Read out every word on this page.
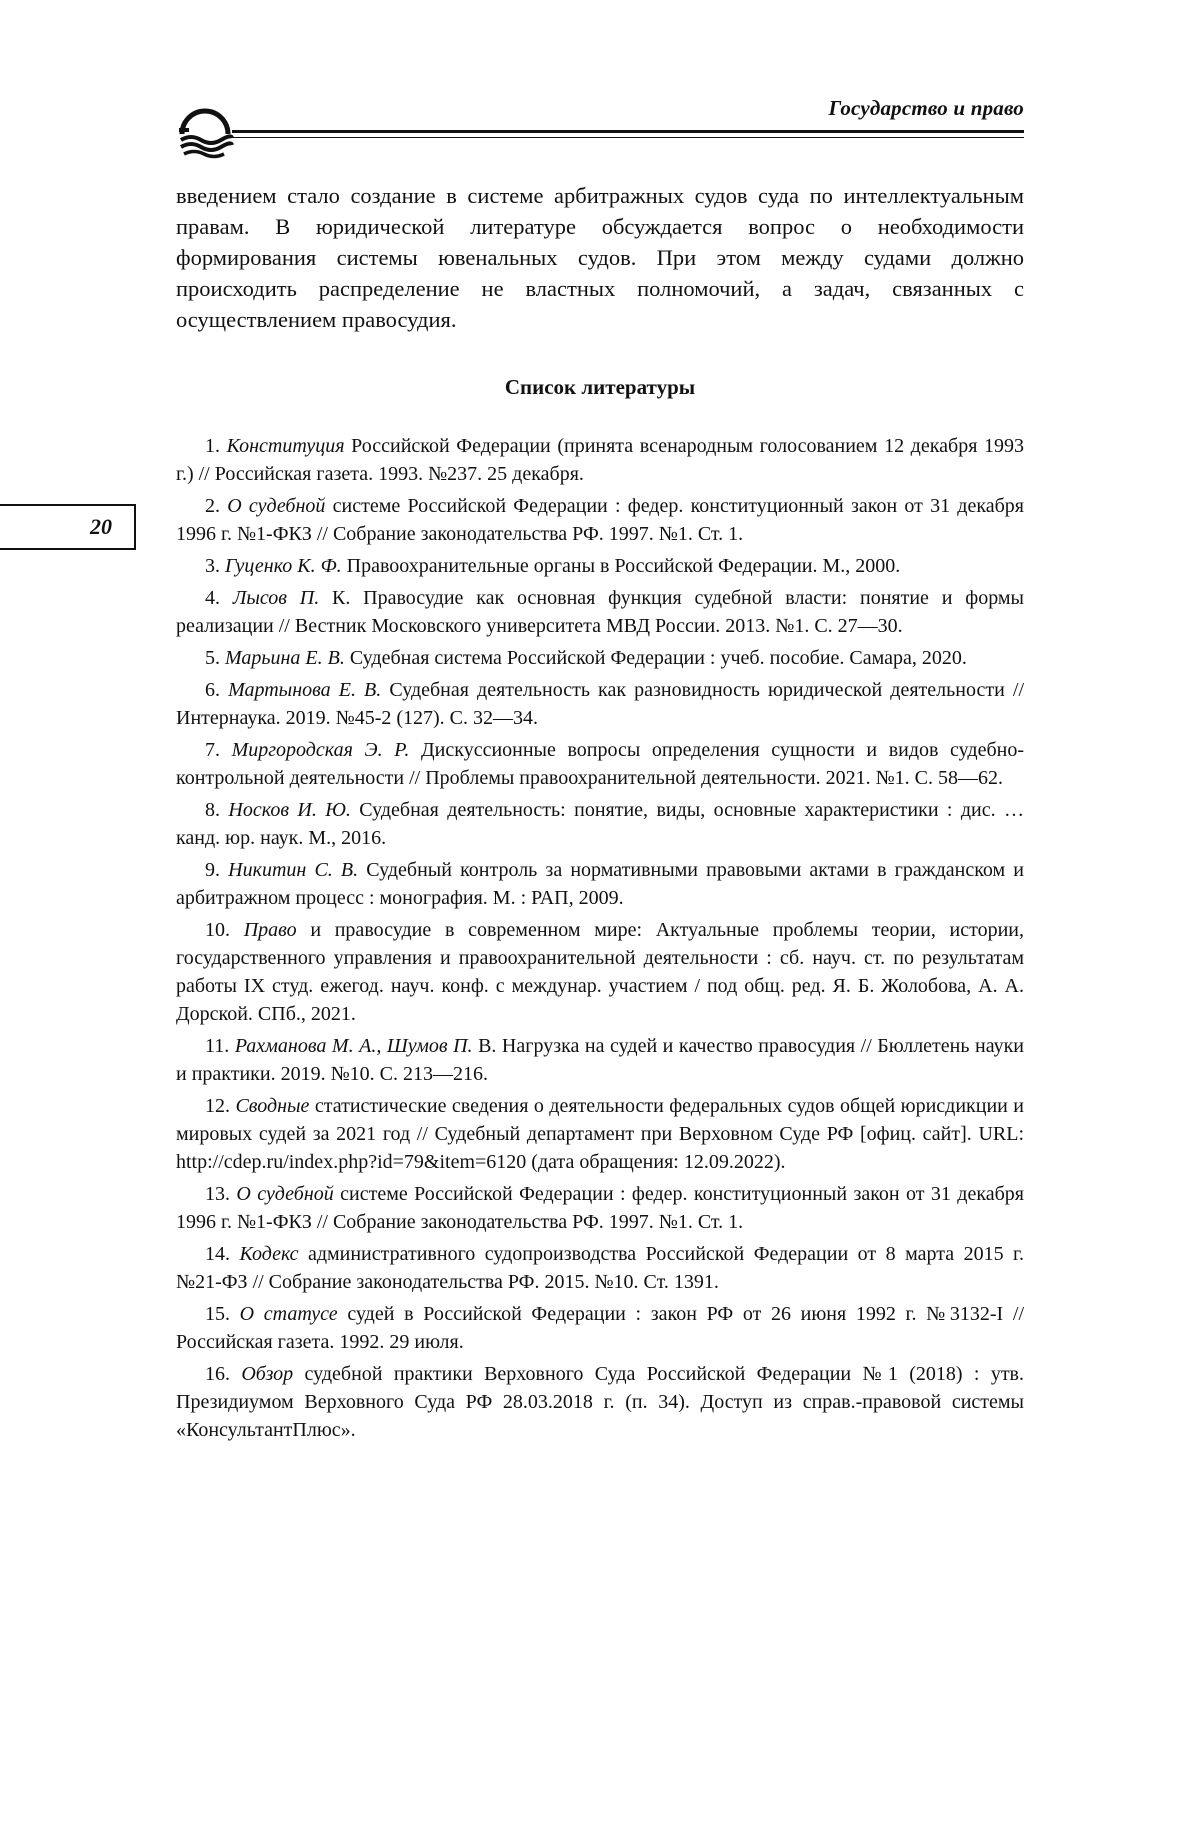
Государство и право
20

введением стало создание в системе арбитражных судов суда по интеллектуальным правам. В юридической литературе обсуждается вопрос о необходимости формирования системы ювенальных судов. При этом между судами должно происходить распределение не властных полномочий, а задач, связанных с осуществлением правосудия.

Список литературы
1. Конституция Российской Федерации (принята всенародным голосованием 12 декабря 1993 г.) // Российская газета. 1993. №237. 25 декабря.
2. О судебной системе Российской Федерации : федер. конституционный закон от 31 декабря 1996 г. №1-ФКЗ // Собрание законодательства РФ. 1997. №1. Ст. 1.
3. Гуценко К. Ф. Правоохранительные органы в Российской Федерации. М., 2000.
4. Лысов П. К. Правосудие как основная функция судебной власти: понятие и формы реализации // Вестник Московского университета МВД России. 2013. №1. С. 27—30.
5. Марьина Е. В. Судебная система Российской Федерации : учеб. пособие. Самара, 2020.
6. Мартынова Е. В. Судебная деятельность как разновидность юридической деятельности // Интернаука. 2019. №45-2 (127). С. 32—34.
7. Миргородская Э. Р. Дискуссионные вопросы определения сущности и видов судебно-контрольной деятельности // Проблемы правоохранительной деятельности. 2021. №1. С. 58—62.
8. Носков И. Ю. Судебная деятельность: понятие, виды, основные характеристики : дис. … канд. юр. наук. М., 2016.
9. Никитин С. В. Судебный контроль за нормативными правовыми актами в гражданском и арбитражном процесс : монография. М. : РАП, 2009.
10. Право и правосудие в современном мире: Актуальные проблемы теории, истории, государственного управления и правоохранительной деятельности : сб. науч. ст. по результатам работы IX студ. ежегод. науч. конф. с междунар. участием / под общ. ред. Я. Б. Жолобова, А. А. Дорской. СПб., 2021.
11. Рахманова М. А., Шумов П. В. Нагрузка на судей и качество правосудия // Бюллетень науки и практики. 2019. №10. С. 213—216.
12. Сводные статистические сведения о деятельности федеральных судов общей юрисдикции и мировых судей за 2021 год // Судебный департамент при Верховном Суде РФ [офиц. сайт]. URL: http://cdep.ru/index.php?id=79&item=6120 (дата обращения: 12.09.2022).
13. О судебной системе Российской Федерации : федер. конституционный закон от 31 декабря 1996 г. №1-ФКЗ // Собрание законодательства РФ. 1997. №1. Ст. 1.
14. Кодекс административного судопроизводства Российской Федерации от 8 марта 2015 г. №21-ФЗ // Собрание законодательства РФ. 2015. №10. Ст. 1391.
15. О статусе судей в Российской Федерации : закон РФ от 26 июня 1992 г. №3132-I // Российская газета. 1992. 29 июля.
16. Обзор судебной практики Верховного Суда Российской Федерации №1 (2018) : утв. Президиумом Верховного Суда РФ 28.03.2018 г. (п. 34). Доступ из справ.-правовой системы «КонсультантПлюс».
